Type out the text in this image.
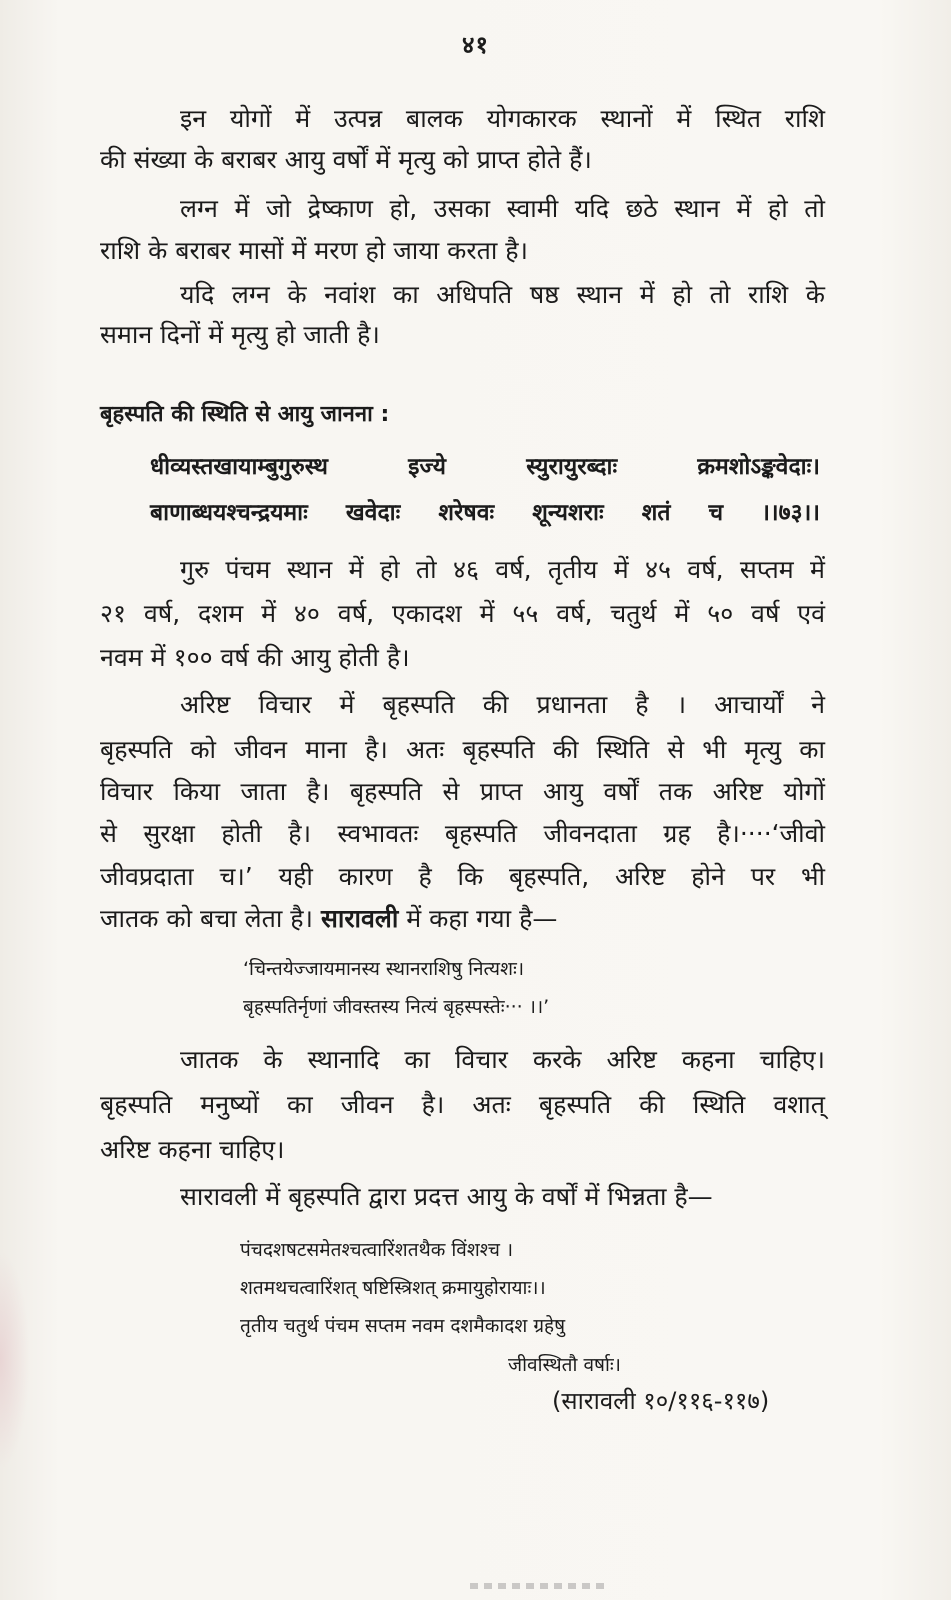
४१
इन योगों में उत्पन्न बालक योगकारक स्थानों में स्थित राशि
की संख्या के बराबर आयु वर्षों में मृत्यु को प्राप्त होते हैं।
लग्न में जो द्रेष्काण हो, उसका स्वामी यदि छठे स्थान में हो तो
राशि के बराबर मासों में मरण हो जाया करता है।
यदि लग्न के नवांश का अधिपति षष्ठ स्थान में हो तो राशि के
समान दिनों में मृत्यु हो जाती है।
बृहस्पति की स्थिति से आयु जानना :
धीव्यस्तखायाम्बुगुरुस्थ इज्ये स्युरायुरब्दाः क्रमशोऽङ्कवेदाः।
बाणाब्धयश्चन्द्रयमाः खवेदाः शरेषवः शून्यशराः शतं च ।।७३।।
गुरु पंचम स्थान में हो तो ४६ वर्ष, तृतीय में ४५ वर्ष, सप्तम में
२१ वर्ष, दशम में ४० वर्ष, एकादश में ५५ वर्ष, चतुर्थ में ५० वर्ष एवं
नवम में १०० वर्ष की आयु होती है।
अरिष्ट विचार में बृहस्पति की प्रधानता है । आचार्यों ने
बृहस्पति को जीवन माना है। अतः बृहस्पति की स्थिति से भी मृत्यु का
विचार किया जाता है। बृहस्पति से प्राप्त आयु वर्षों तक अरिष्ट योगों
से सुरक्षा होती है। स्वभावतः बृहस्पति जीवनदाता ग्रह है।····‘जीवो
जीवप्रदाता च।’ यही कारण है कि बृहस्पति, अरिष्ट होने पर भी
जातक को बचा लेता है। सारावली में कहा गया है—
‘चिन्तयेज्जायमानस्य स्थानराशिषु नित्यशः।
बृहस्पतिर्नृणां जीवस्तस्य नित्यं बृहस्पस्तेः··· ।।’
जातक के स्थानादि का विचार करके अरिष्ट कहना चाहिए।
बृहस्पति मनुष्यों का जीवन है। अतः बृहस्पति की स्थिति वशात्
अरिष्ट कहना चाहिए।
सारावली में बृहस्पति द्वारा प्रदत्त आयु के वर्षों में भिन्नता है—
पंचदशषटसमेतश्चत्वारिंशतथैक विंशश्च ।
शतमथचत्वारिंशत् षष्टिस्त्रिशत् क्रमायुहोरायाः।।
तृतीय चतुर्थ पंचम सप्तम नवम दशमैकादश ग्रहेषु
जीवस्थितौ वर्षाः।
(सारावली १०/११६-११७)
